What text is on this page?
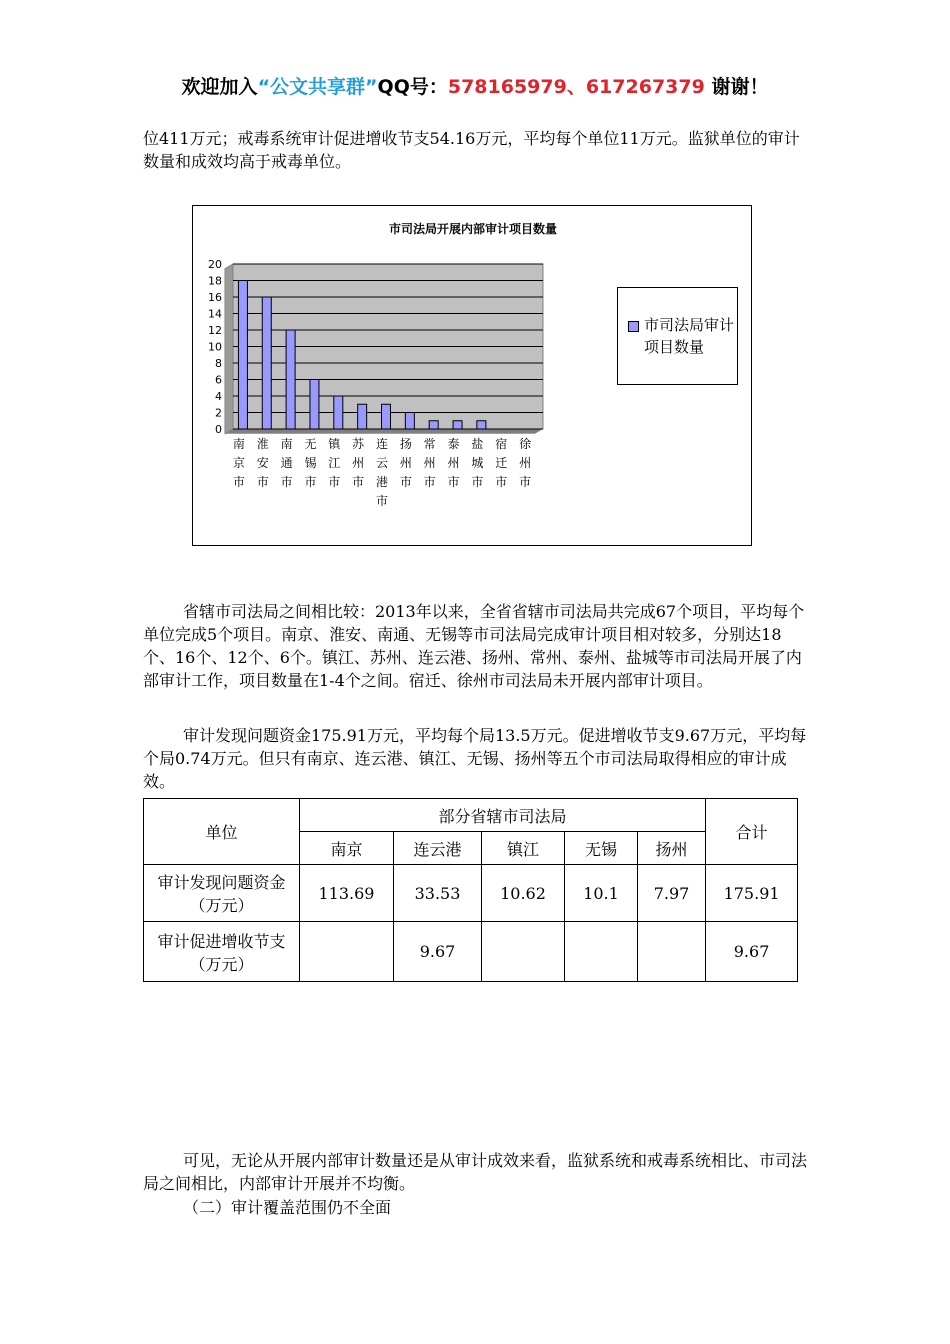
欢迎加入“公文共享群”QQ号：578165979、617267379 谢谢！
位411万元；戒毒系统审计促进增收节支54.16万元，平均每个单位11万元。监狱单位的审计数量和成效均高于戒毒单位。
市司法局开展内部审计项目数量
0
2
4
6
8
10
12
14
16
18
20
南京市
淮安市
南通市
无锡市
镇江市
苏州市
连云港市
扬州市
常州市
泰州市
盐城市
宿迁市
徐州市
市司法局审计项目数量
省辖市司法局之间相比较：2013年以来，全省省辖市司法局共完成67个项目，平均每个单位完成5个项目。南京、淮安、南通、无锡等市司法局完成审计项目相对较多，分别达18个、16个、12个、6个。镇江、苏州、连云港、扬州、常州、泰州、盐城等市司法局开展了内部审计工作，项目数量在1-4个之间。宿迁、徐州市司法局未开展内部审计项目。
审计发现问题资金175.91万元，平均每个局13.5万元。促进增收节支9.67万元，平均每个局0.74万元。但只有南京、连云港、镇江、无锡、扬州等五个市司法局取得相应的审计成效。
单位	部分省辖市司法局					合计
	南京	连云港	镇江	无锡	扬州	
审计发现问题资金（万元）	113.69	33.53	10.62	10.1	7.97	175.91
审计促进增收节支（万元）		9.67				9.67
可见，无论从开展内部审计数量还是从审计成效来看，监狱系统和戒毒系统相比、市司法局之间相比，内部审计开展并不均衡。
（二）审计覆盖范围仍不全面
